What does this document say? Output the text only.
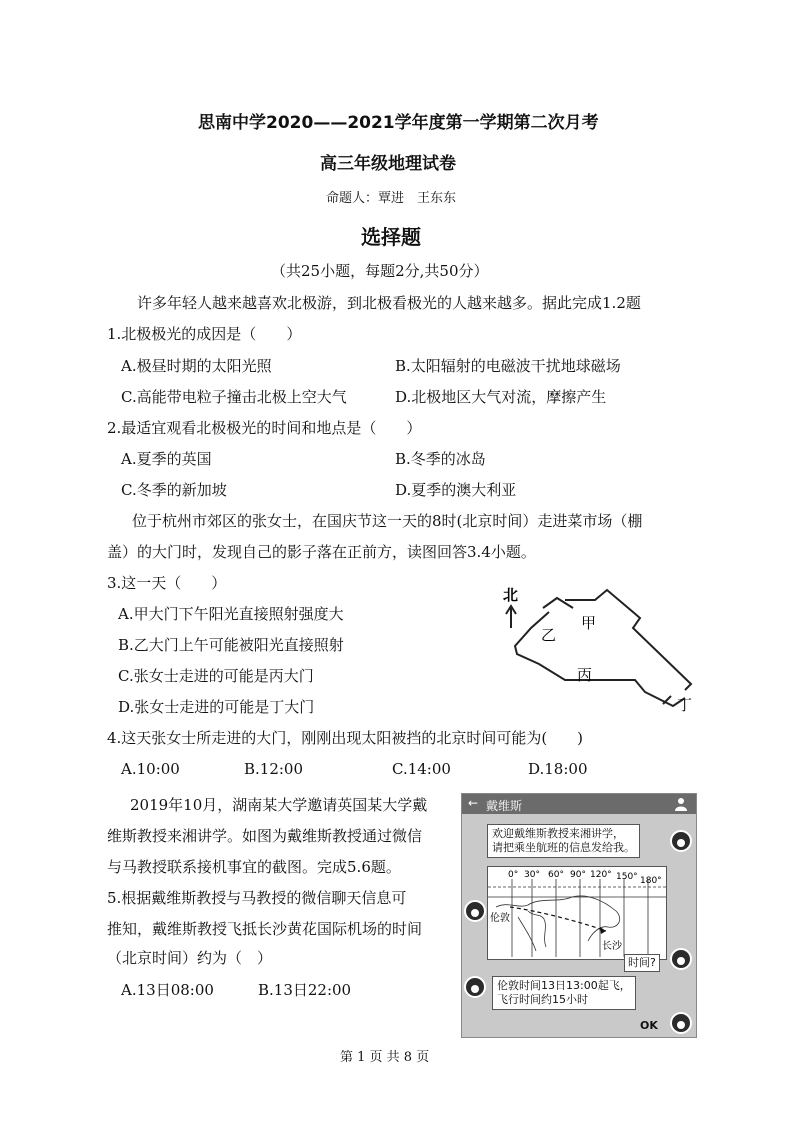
思南中学2020——2021学年度第一学期第二次月考
高三年级地理试卷
命题人：覃进　王东东
选择题
（共25小题，每题2分,共50分）
许多年轻人越来越喜欢北极游，到北极看极光的人越来越多。据此完成1.2题
1.北极极光的成因是（　　）
A.极昼时期的太阳光照	B.太阳辐射的电磁波干扰地球磁场
C.高能带电粒子撞击北极上空大气	D.北极地区大气对流，摩擦产生
2.最适宜观看北极极光的时间和地点是（　　）
A.夏季的英国	B.冬季的冰岛
C.冬季的新加坡	D.夏季的澳大利亚
位于杭州市郊区的张女士，在国庆节这一天的8时(北京时间）走进菜市场（棚
盖）的大门时，发现自己的影子落在正前方，读图回答3.4小题。
3.这一天（　　）
A.甲大门下午阳光直接照射强度大
B.乙大门上午可能被阳光直接照射
C.张女士走进的可能是丙大门
D.张女士走进的可能是丁大门
北
甲
乙
丙
丁
4.这天张女士所走进的大门，刚刚出现太阳被挡的北京时间可能为(　　)
A.10:00	B.12:00	C.14:00	D.18:00
2019年10月，湖南某大学邀请英国某大学戴
维斯教授来湘讲学。如图为戴维斯教授通过微信
与马教授联系接机事宜的截图。完成5.6题。
5.根据戴维斯教授与马教授的微信聊天信息可
推知，戴维斯教授飞抵长沙黄花国际机场的时间
（北京时间）约为（　）
A.13日08:00	B.13日22:00
← 戴维斯
欢迎戴维斯教授来湘讲学，
请把乘坐航班的信息发给我。
0° 30° 60° 90° 120° 150° 180°
伦敦
长沙
时间?
伦敦时间13日13:00起飞，
飞行时间约15小时
OK
第 1 页 共 8 页
